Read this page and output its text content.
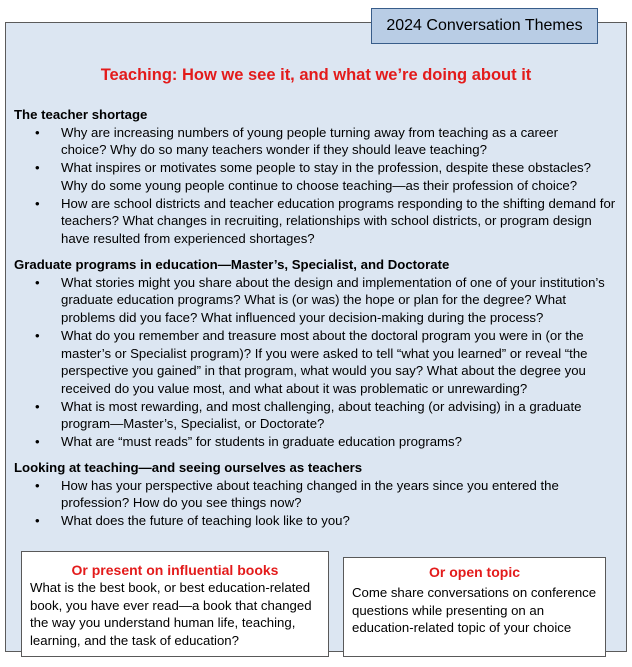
2024 Conversation Themes
Teaching: How we see it, and what we’re doing about it
The teacher shortage
• Why are increasing numbers of young people turning away from teaching as a career choice? Why do so many teachers wonder if they should leave teaching?
• What inspires or motivates some people to stay in the profession, despite these obstacles? Why do some young people continue to choose teaching—as their profession of choice?
• How are school districts and teacher education programs responding to the shifting demand for teachers? What changes in recruiting, relationships with school districts, or program design have resulted from experienced shortages?
Graduate programs in education—Master’s, Specialist, and Doctorate
• What stories might you share about the design and implementation of one of your institution’s graduate education programs? What is (or was) the hope or plan for the degree? What problems did you face? What influenced your decision-making during the process?
• What do you remember and treasure most about the doctoral program you were in (or the master’s or Specialist program)? If you were asked to tell “what you learned” or reveal “the perspective you gained” in that program, what would you say? What about the degree you received do you value most, and what about it was problematic or unrewarding?
• What is most rewarding, and most challenging, about teaching (or advising) in a graduate program—Master’s, Specialist, or Doctorate?
• What are “must reads” for students in graduate education programs?
Looking at teaching—and seeing ourselves as teachers
• How has your perspective about teaching changed in the years since you entered the profession? How do you see things now?
• What does the future of teaching look like to you?
Or present on influential books

What is the best book, or best education-related book, you have ever read—a book that changed the way you understand human life, teaching, learning, and the task of education?

Or open topic

Come share conversations on conference questions while presenting on an education-related topic of your choice
